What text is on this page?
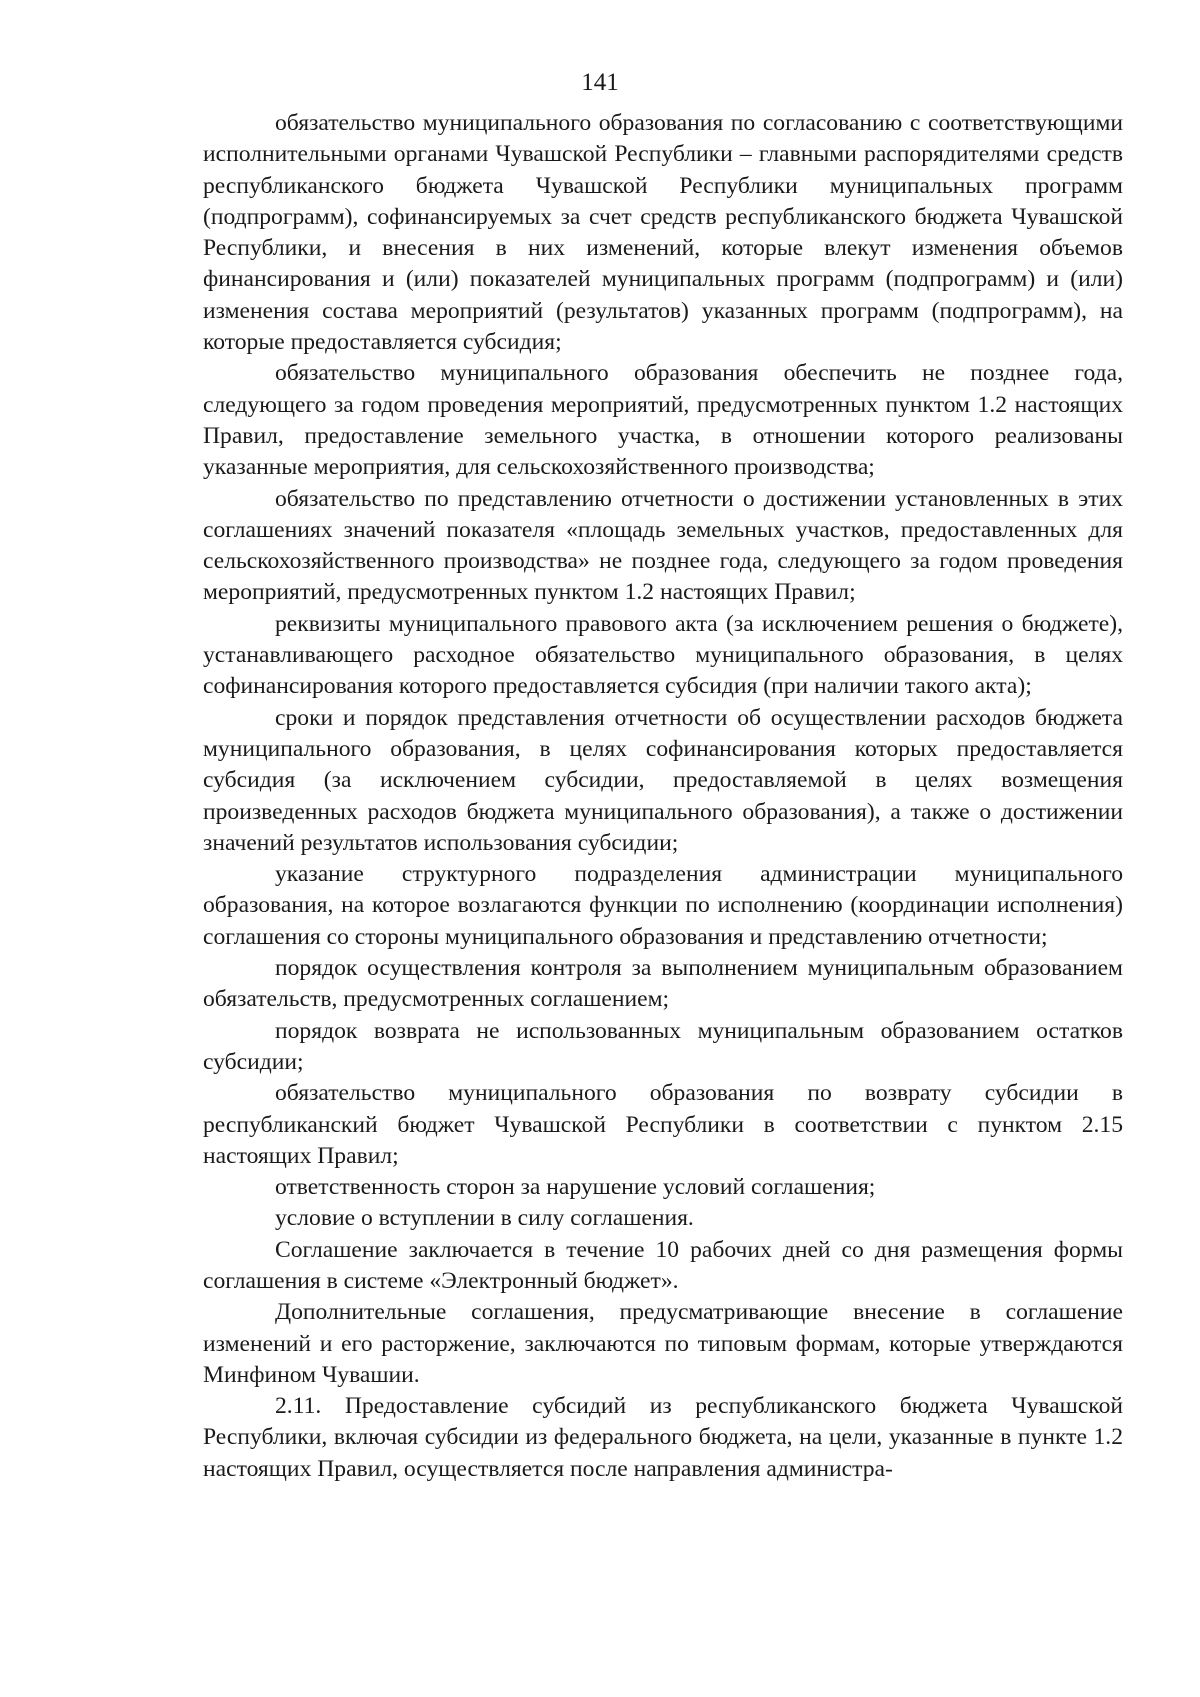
141

обязательство муниципального образования по согласованию с соответствующими исполнительными органами Чувашской Республики – главными распорядителями средств республиканского бюджета Чувашской Республики муниципальных программ (подпрограмм), софинансируемых за счет средств республиканского бюджета Чувашской Республики, и внесения в них изменений, которые влекут изменения объемов финансирования и (или) показателей муниципальных программ (подпрограмм) и (или) изменения состава мероприятий (результатов) указанных программ (подпрограмм), на которые предоставляется субсидия;

обязательство муниципального образования обеспечить не позднее года, следующего за годом проведения мероприятий, предусмотренных пунктом 1.2 настоящих Правил, предоставление земельного участка, в отношении которого реализованы указанные мероприятия, для сельскохозяйственного производства;

обязательство по представлению отчетности о достижении установленных в этих соглашениях значений показателя «площадь земельных участков, предоставленных для сельскохозяйственного производства» не позднее года, следующего за годом проведения мероприятий, предусмотренных пунктом 1.2 настоящих Правил;

реквизиты муниципального правового акта (за исключением решения о бюджете), устанавливающего расходное обязательство муниципального образования, в целях софинансирования которого предоставляется субсидия (при наличии такого акта);

сроки и порядок представления отчетности об осуществлении расходов бюджета муниципального образования, в целях софинансирования которых предоставляется субсидия (за исключением субсидии, предоставляемой в целях возмещения произведенных расходов бюджета муниципального образования), а также о достижении значений результатов использования субсидии;

указание структурного подразделения администрации муниципального образования, на которое возлагаются функции по исполнению (координации исполнения) соглашения со стороны муниципального образования и представлению отчетности;

порядок осуществления контроля за выполнением муниципальным образованием обязательств, предусмотренных соглашением;

порядок возврата не использованных муниципальным образованием остатков субсидии;

обязательство муниципального образования по возврату субсидии в республиканский бюджет Чувашской Республики в соответствии с пунктом 2.15 настоящих Правил;

ответственность сторон за нарушение условий соглашения;

условие о вступлении в силу соглашения.

Соглашение заключается в течение 10 рабочих дней со дня размещения формы соглашения в системе «Электронный бюджет».

Дополнительные соглашения, предусматривающие внесение в соглашение изменений и его расторжение, заключаются по типовым формам, которые утверждаются Минфином Чувашии.

2.11. Предоставление субсидий из республиканского бюджета Чувашской Республики, включая субсидии из федерального бюджета, на цели, указанные в пункте 1.2 настоящих Правил, осуществляется после направления администра-
